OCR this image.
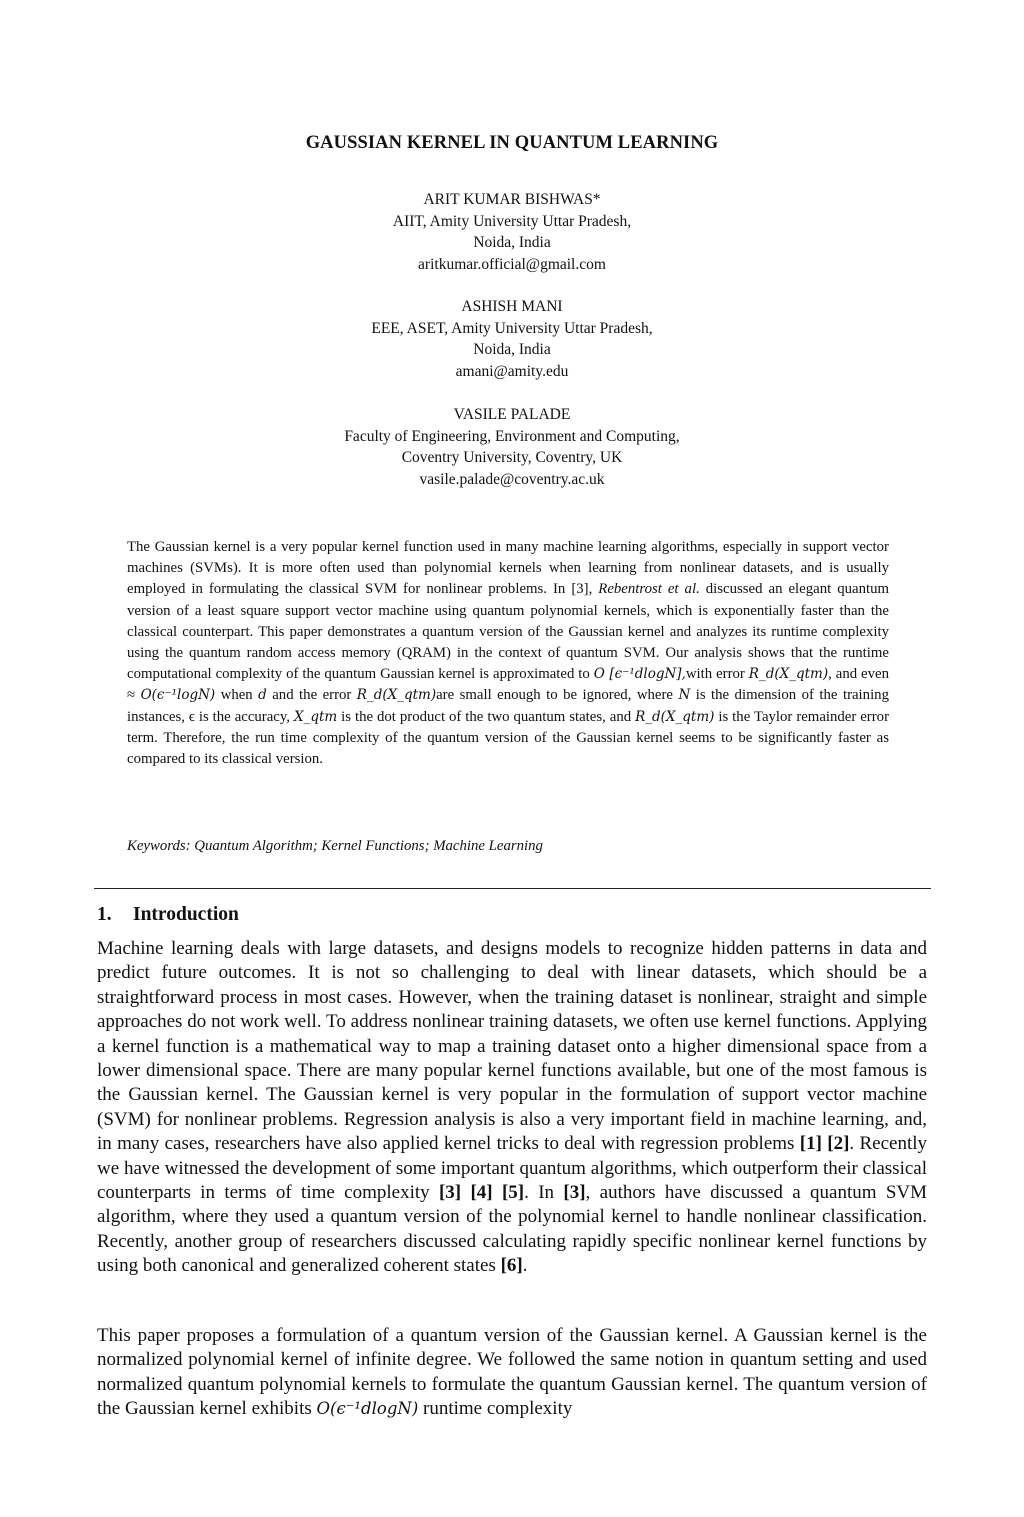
GAUSSIAN KERNEL IN QUANTUM LEARNING
ARIT KUMAR BISHWAS*
AIIT, Amity University Uttar Pradesh,
Noida, India
aritkumar.official@gmail.com
ASHISH MANI
EEE, ASET, Amity University Uttar Pradesh,
Noida, India
amani@amity.edu
VASILE PALADE
Faculty of Engineering, Environment and Computing,
Coventry University, Coventry, UK
vasile.palade@coventry.ac.uk
The Gaussian kernel is a very popular kernel function used in many machine learning algorithms, especially in support vector machines (SVMs). It is more often used than polynomial kernels when learning from nonlinear datasets, and is usually employed in formulating the classical SVM for nonlinear problems. In [3], Rebentrost et al. discussed an elegant quantum version of a least square support vector machine using quantum polynomial kernels, which is exponentially faster than the classical counterpart. This paper demonstrates a quantum version of the Gaussian kernel and analyzes its runtime complexity using the quantum random access memory (QRAM) in the context of quantum SVM. Our analysis shows that the runtime computational complexity of the quantum Gaussian kernel is approximated to O [ϵ⁻¹dlogN],with error R_d(X_qtm), and even ≈ O(ϵ⁻¹logN) when d and the error R_d(X_qtm)are small enough to be ignored, where N is the dimension of the training instances, ϵ is the accuracy, X_qtm is the dot product of the two quantum states, and R_d(X_qtm) is the Taylor remainder error term. Therefore, the run time complexity of the quantum version of the Gaussian kernel seems to be significantly faster as compared to its classical version.
Keywords: Quantum Algorithm; Kernel Functions; Machine Learning
1. Introduction
Machine learning deals with large datasets, and designs models to recognize hidden patterns in data and predict future outcomes. It is not so challenging to deal with linear datasets, which should be a straightforward process in most cases. However, when the training dataset is nonlinear, straight and simple approaches do not work well. To address nonlinear training datasets, we often use kernel functions. Applying a kernel function is a mathematical way to map a training dataset onto a higher dimensional space from a lower dimensional space. There are many popular kernel functions available, but one of the most famous is the Gaussian kernel. The Gaussian kernel is very popular in the formulation of support vector machine (SVM) for nonlinear problems. Regression analysis is also a very important field in machine learning, and, in many cases, researchers have also applied kernel tricks to deal with regression problems [1] [2]. Recently we have witnessed the development of some important quantum algorithms, which outperform their classical counterparts in terms of time complexity [3] [4] [5]. In [3], authors have discussed a quantum SVM algorithm, where they used a quantum version of the polynomial kernel to handle nonlinear classification. Recently, another group of researchers discussed calculating rapidly specific nonlinear kernel functions by using both canonical and generalized coherent states [6].
This paper proposes a formulation of a quantum version of the Gaussian kernel. A Gaussian kernel is the normalized polynomial kernel of infinite degree. We followed the same notion in quantum setting and used normalized quantum polynomial kernels to formulate the quantum Gaussian kernel. The quantum version of the Gaussian kernel exhibits O(ϵ⁻¹dlogN) runtime complexity
